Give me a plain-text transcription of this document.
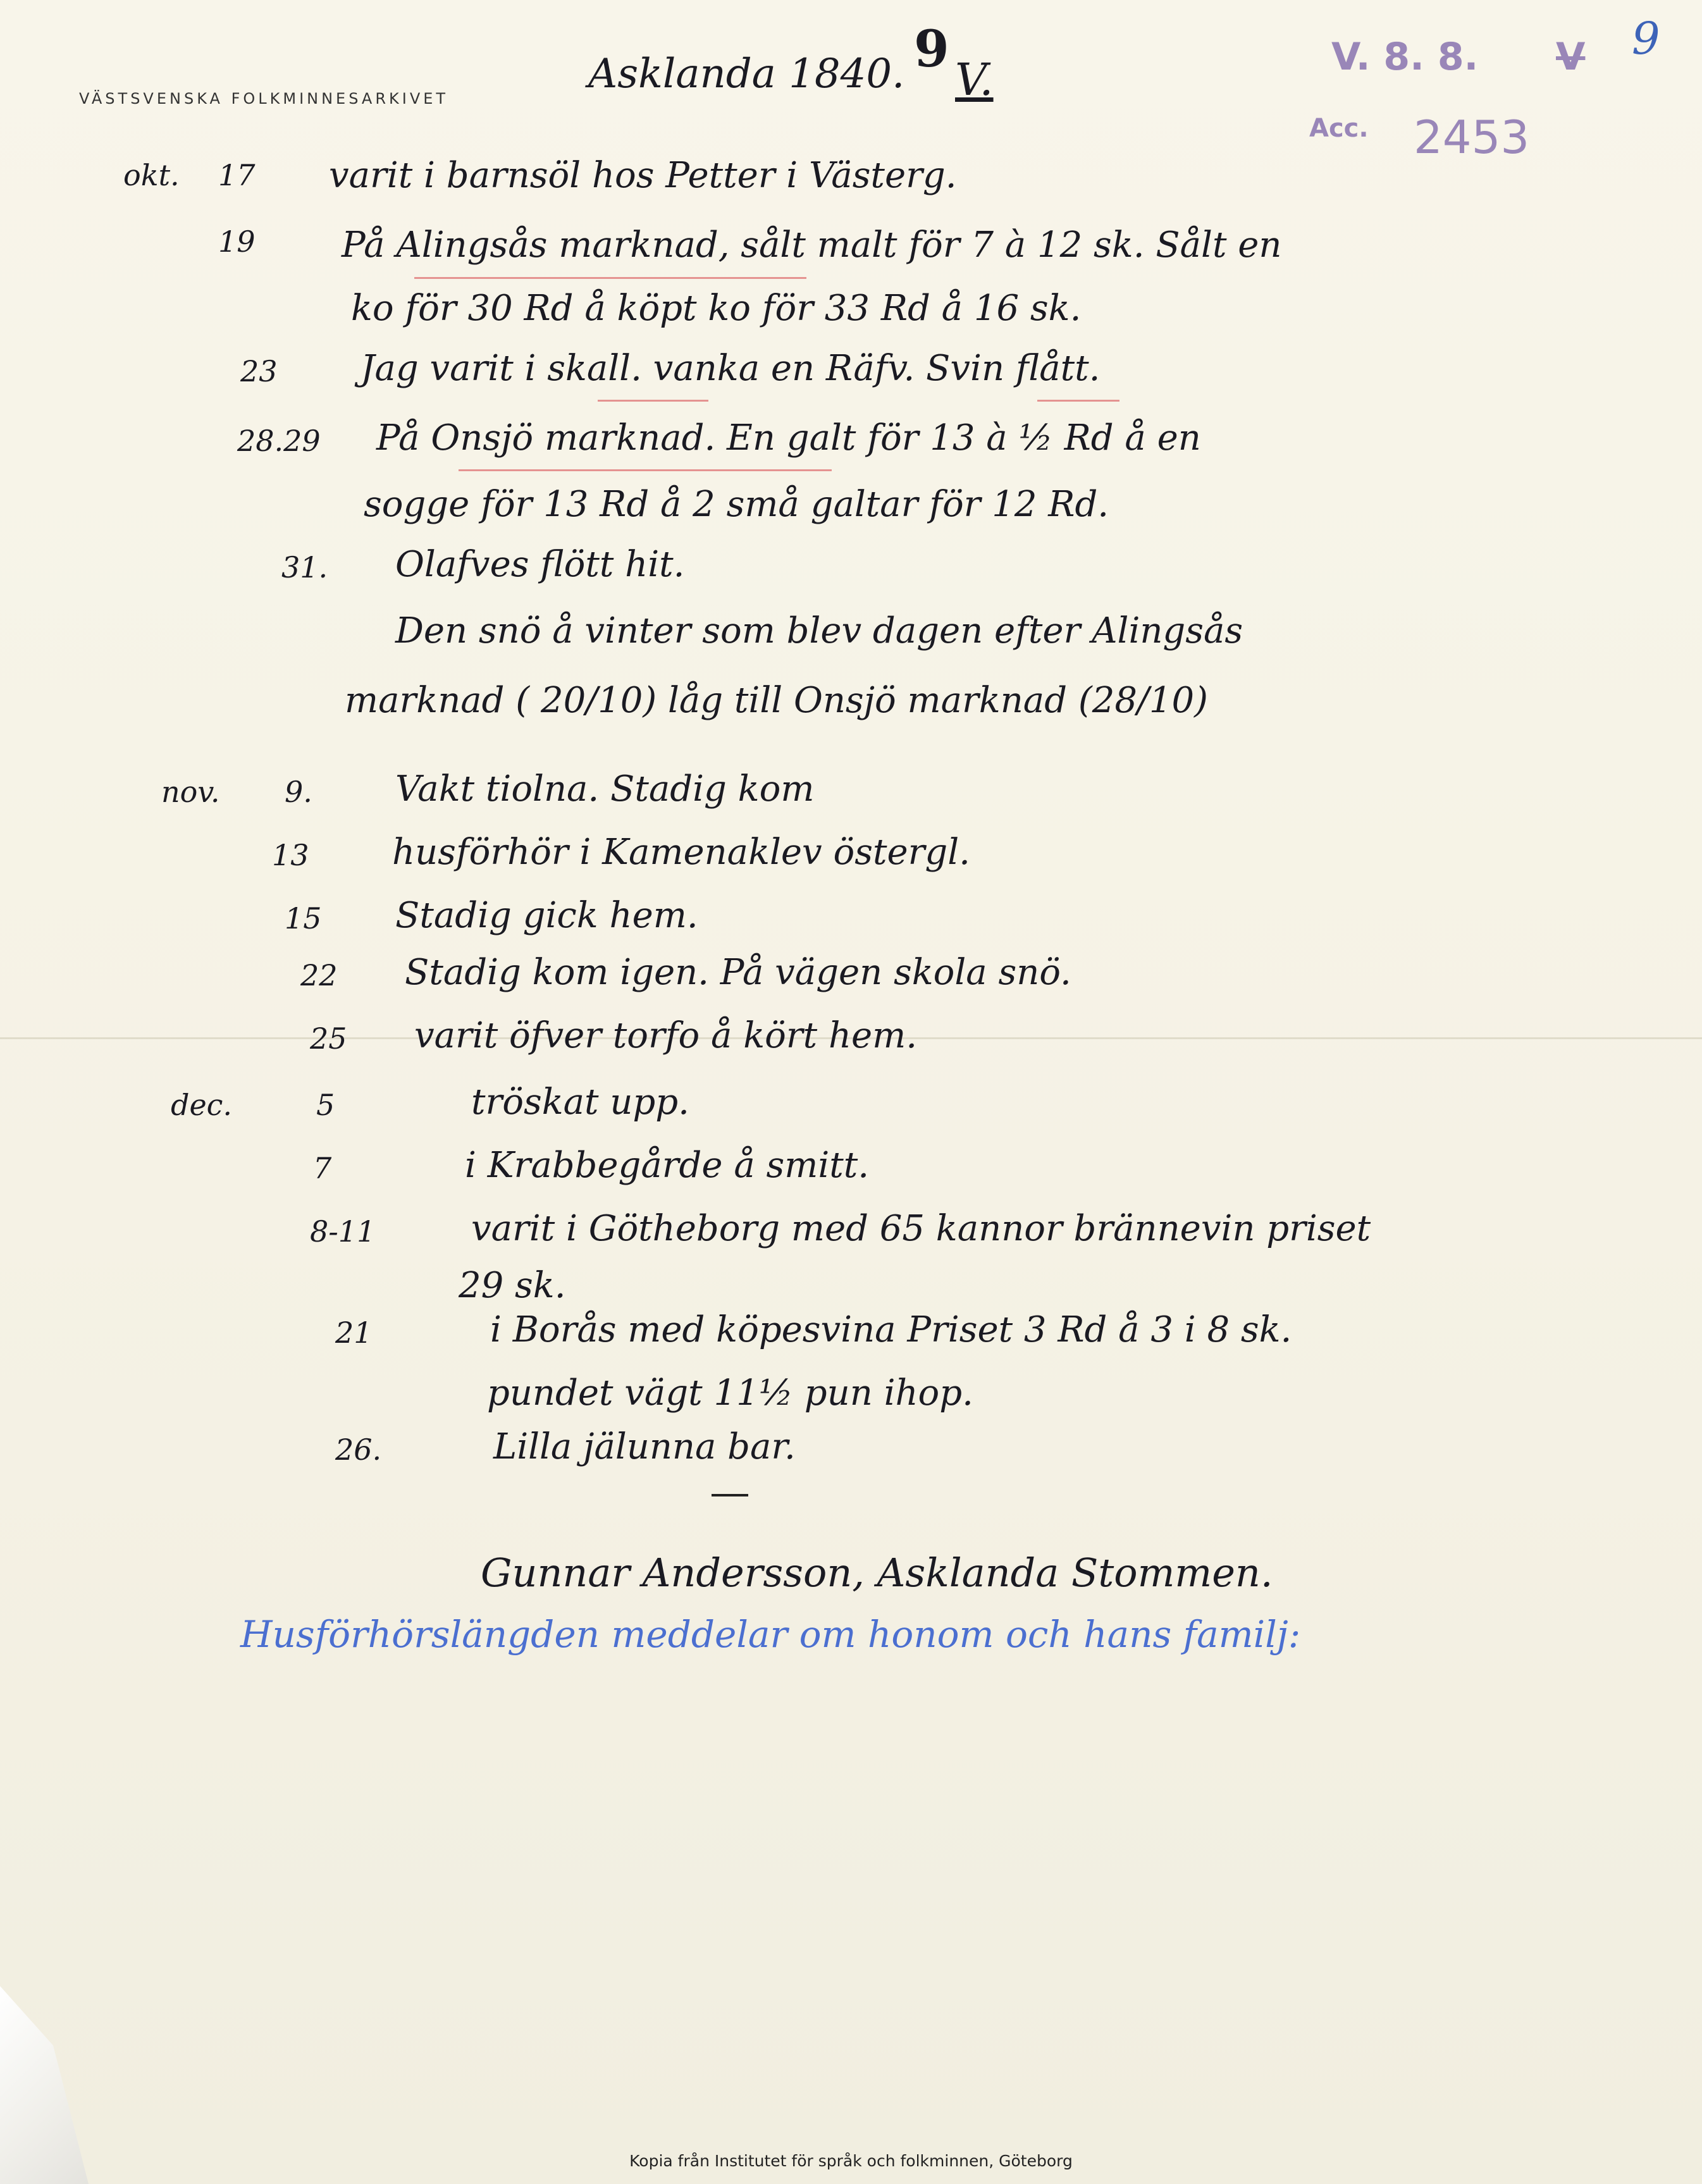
VÄSTSVENSKA FOLKMINNESARKIVET
Asklanda 1840. 9
V.	V. 8. 8. V 9
Acc. 2453
okt. 17 varit i barnsöl hos Petter i Västerg.
19 På Alingsås marknad, sålt malt för 7 à 12 sk. Sålt en
ko för 30 Rd å köpt ko för 33 Rd å 16 sk.
23 Jag varit i skall. vanka en Räfv. Svin flått.
28.29 På Onsjö marknad. En galt för 13 à ½ Rd å en
sogge för 13 Rd å 2 små galtar för 12 Rd.
31. Olafves flött hit.
Den snö å vinter som blev dagen efter Alingsås
marknad ( 20/10) låg till Onsjö marknad (28/10)
nov. 9. Vakt tiolna. Stadig kom
13 husförhör i Kamenaklev östergl.
15 Stadig gick hem.
22 Stadig kom igen. På vägen skola snö.
25 varit öfver torfo å kört hem.
dec.	5	tröskat upp.
7	i Krabbegårde å smitt.
8-11	varit i Götheborg med 65 kannor brännevin priset
29 sk.
21	i Borås med köpesvina Priset 3 Rd å 3 i 8 sk.
pundet vägt 11½ pun ihop.
26.	Lilla jälunna bar.
Gunnar Andersson, Asklanda Stommen.
Husförhörslängden meddelar om honom och hans familj:
Kopia från Institutet för språk och folkminnen, Göteborg
